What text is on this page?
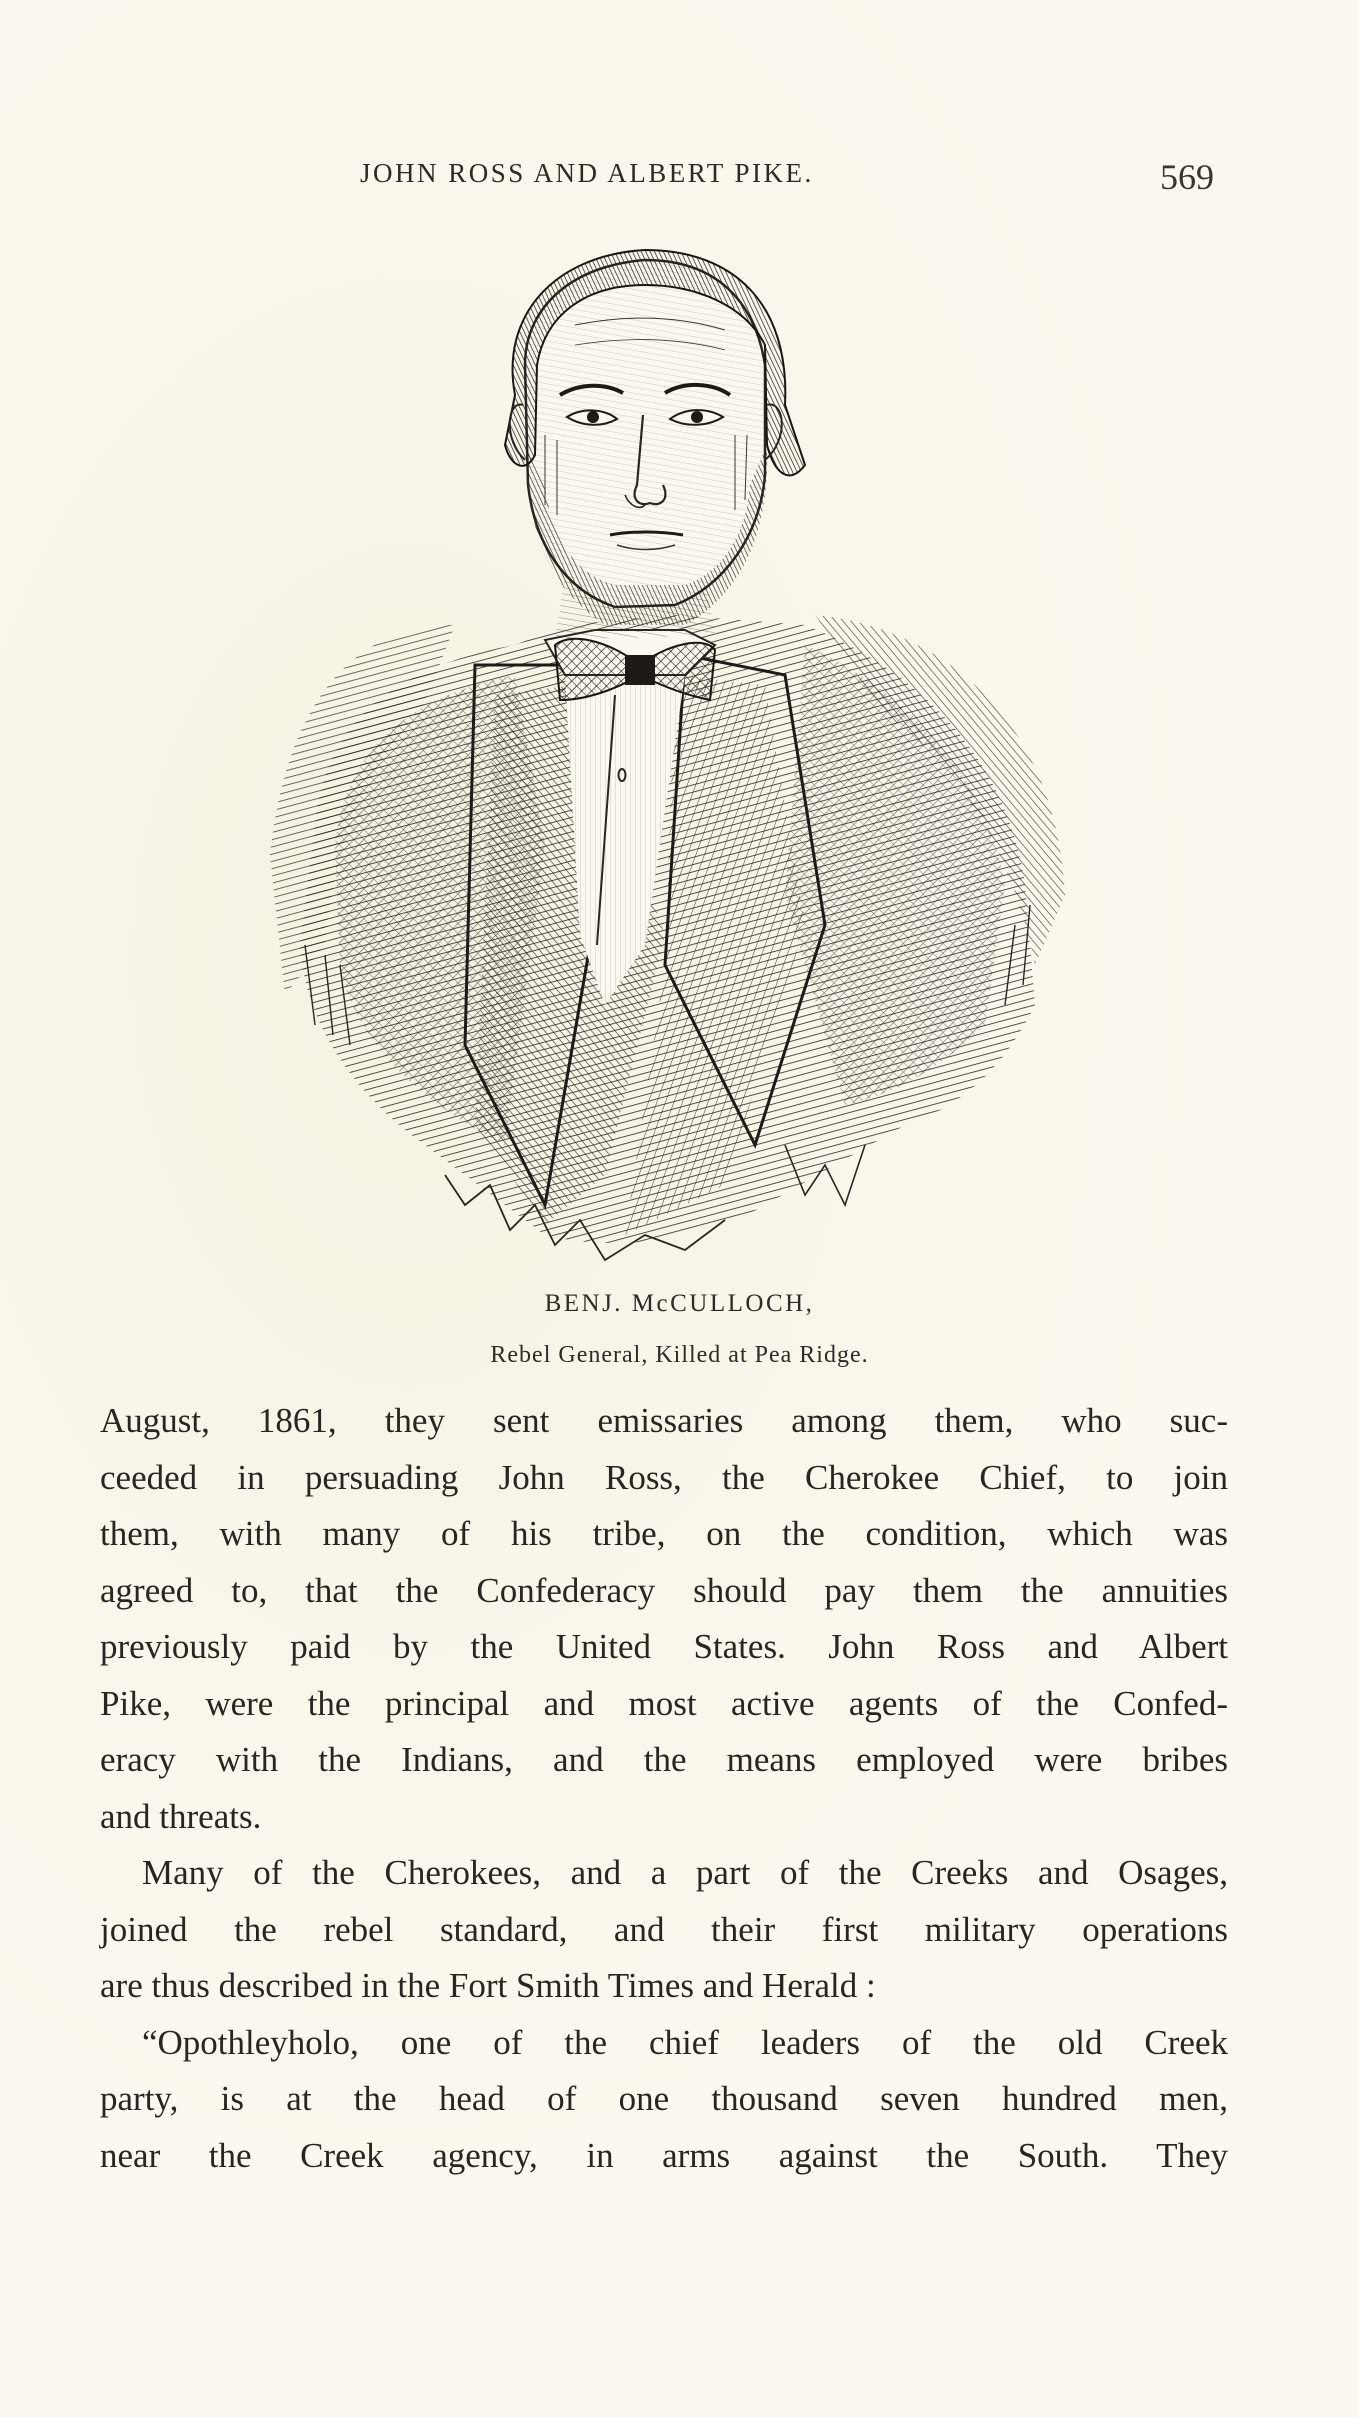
JOHN ROSS AND ALBERT PIKE.	569
BENJ. McCULLOCH,
Rebel General, Killed at Pea Ridge.
August, 1861, they sent emissaries among them, who suc-
ceeded in persuading John Ross, the Cherokee Chief, to join
them, with many of his tribe, on the condition, which was
agreed to, that the Confederacy should pay them the annuities
previously paid by the United States. John Ross and Albert
Pike, were the principal and most active agents of the Confed-
eracy with the Indians, and the means employed were bribes
and threats.
Many of the Cherokees, and a part of the Creeks and Osages,
joined the rebel standard, and their first military operations
are thus described in the Fort Smith Times and Herald :
“Opothleyholo, one of the chief leaders of the old Creek
party, is at the head of one thousand seven hundred men,
near the Creek agency, in arms against the South. They
